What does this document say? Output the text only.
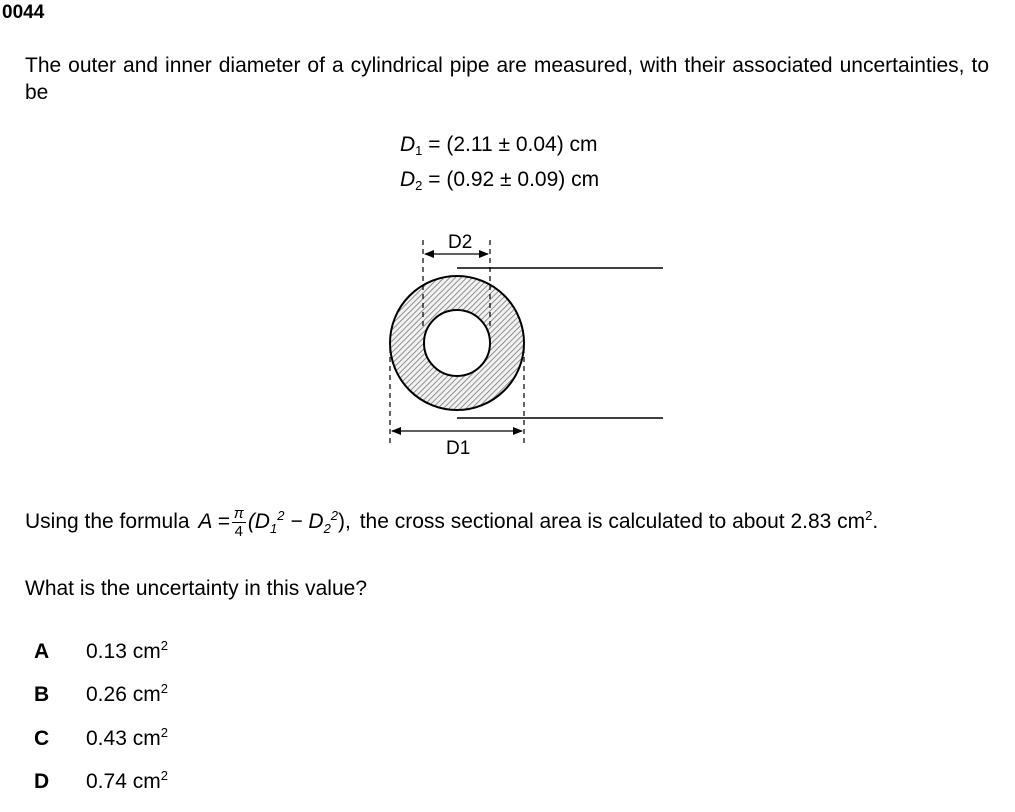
0044
The outer and inner diameter of a cylindrical pipe are measured, with their associated uncertainties, to be
$D_1 = (2.11 \pm 0.04)$ cm
$D_2 = (0.92 \pm 0.09)$ cm
D2
D1
Using the formula $A = \frac{\pi}{4} (D_1^2 - D_2^2)$, the cross sectional area is calculated to about 2.83 $cm^2$.
What is the uncertainty in this value?
A 0.13 $cm^2$
B 0.26 $cm^2$
C 0.43 $cm^2$
D 0.74 $cm^2$
